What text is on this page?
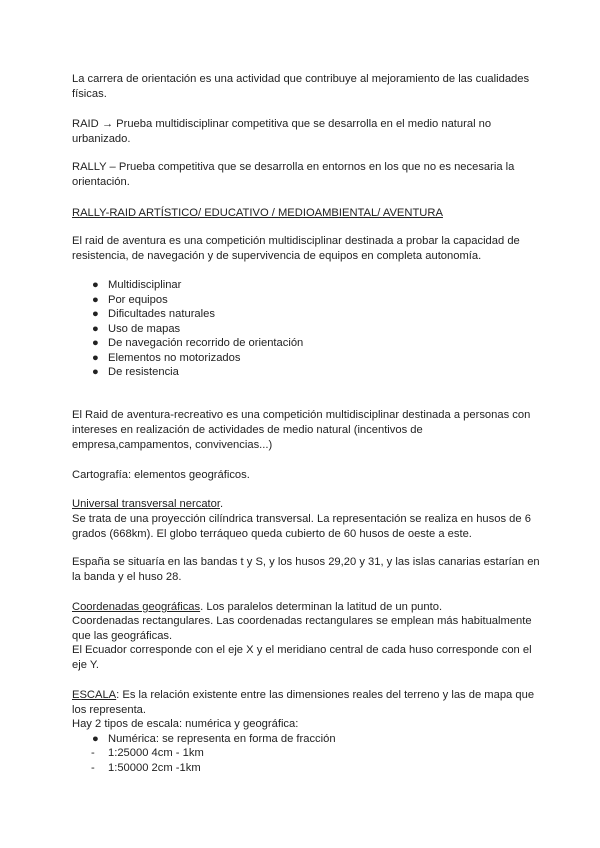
La carrera de orientación es una actividad que contribuye al mejoramiento de las cualidades físicas.

RAID → Prueba multidisciplinar competitiva que se desarrolla en el medio natural no urbanizado.

RALLY – Prueba competitiva que se desarrolla en entornos en los que no es necesaria la orientación.

RALLY-RAID ARTÍSTICO/ EDUCATIVO / MEDIOAMBIENTAL/ AVENTURA

El raid de aventura es una competición multidisciplinar destinada a probar la capacidad de resistencia, de navegación y de supervivencia de equipos en completa autonomía.

● Multidisciplinar

● Por equipos

● Dificultades naturales

● Uso de mapas

● De navegación recorrido de orientación

● Elementos no motorizados

● De resistencia

El Raid de aventura-recreativo es una competición multidisciplinar destinada a personas con intereses en realización de actividades de medio natural (incentivos de empresa,campamentos, convivencias...)

Cartografía: elementos geográficos.

Universal transversal nercator.

Se trata de una proyección cilíndrica transversal. La representación se realiza en husos de 6 grados (668km). El globo terráqueo queda cubierto de 60 husos de oeste a este.

España se situaría en las bandas t y S, y los husos 29,20 y 31, y las islas canarias estarían en la banda y el huso 28.

Coordenadas geográficas. Los paralelos determinan la latitud de un punto.

Coordenadas rectangulares. Las coordenadas rectangulares se emplean más habitualmente que las geográficas.

El Ecuador corresponde con el eje X y el meridiano central de cada huso corresponde con el eje Y.

ESCALA: Es la relación existente entre las dimensiones reales del terreno y las de mapa que los representa.

Hay 2 tipos de escala: numérica y geográfica:

● Numérica: se representa en forma de fracción

- 1:25000 4cm - 1km

- 1:50000 2cm -1km
